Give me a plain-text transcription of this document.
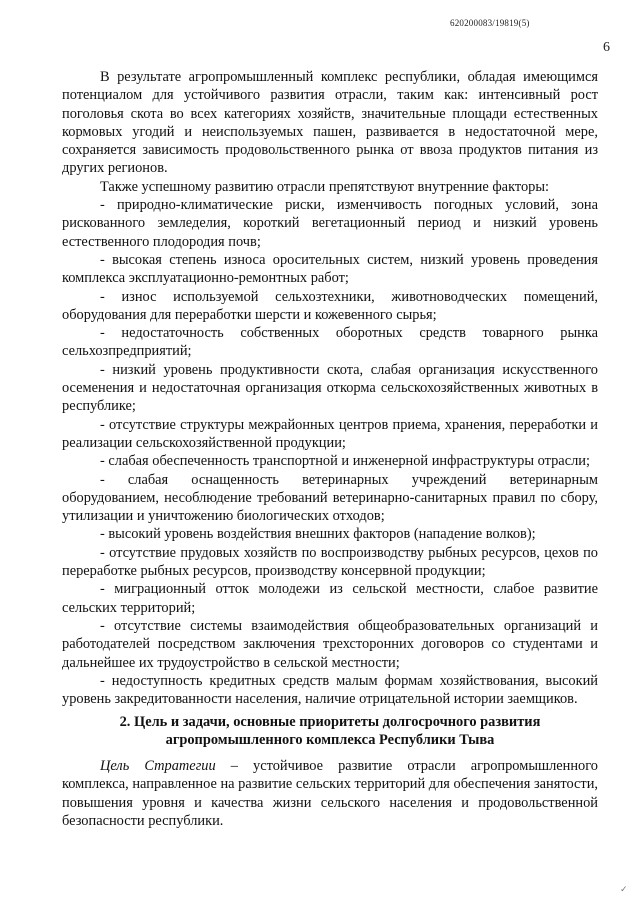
620200083/19819(5)
6

В результате агропромышленный комплекс республики, обладая имеющимся потенциалом для устойчивого развития отрасли, таким как: интенсивный рост поголовья скота во всех категориях хозяйств, значительные площади естественных кормовых угодий и неиспользуемых пашен, развивается в недостаточной мере, сохраняется зависимость продовольственного рынка от ввоза продуктов питания из других регионов.

Также успешному развитию отрасли препятствуют внутренние факторы:

- природно-климатические риски, изменчивость погодных условий, зона рискованного земледелия, короткий вегетационный период и низкий уровень естественного плодородия почв;

- высокая степень износа оросительных систем, низкий уровень проведения комплекса эксплуатационно-ремонтных работ;

- износ используемой сельхозтехники, животноводческих помещений, оборудования для переработки шерсти и кожевенного сырья;

- недостаточность собственных оборотных средств товарного рынка сельхозпредприятий;

- низкий уровень продуктивности скота, слабая организация искусственного осеменения и недостаточная организация откорма сельскохозяйственных животных в республике;

- отсутствие структуры межрайонных центров приема, хранения, переработки и реализации сельскохозяйственной продукции;

- слабая обеспеченность транспортной и инженерной инфраструктуры отрасли;

- слабая оснащенность ветеринарных учреждений ветеринарным оборудованием, несоблюдение требований ветеринарно-санитарных правил по сбору, утилизации и уничтожению биологических отходов;

- высокий уровень воздействия внешних факторов (нападение волков);

- отсутствие прудовых хозяйств по воспроизводству рыбных ресурсов, цехов по переработке рыбных ресурсов, производству консервной продукции;

- миграционный отток молодежи из сельской местности, слабое развитие сельских территорий;

- отсутствие системы взаимодействия общеобразовательных организаций и работодателей посредством заключения трехсторонних договоров со студентами и дальнейшее их трудоустройство в сельской местности;

- недоступность кредитных средств малым формам хозяйствования, высокий уровень закредитованности населения, наличие отрицательной истории заемщиков.

2. Цель и задачи, основные приоритеты долгосрочного развития
агропромышленного комплекса Республики Тыва

Цель Стратегии – устойчивое развитие отрасли агропромышленного комплекса, направленное на развитие сельских территорий для обеспечения занятости, повышения уровня и качества жизни сельского населения и продовольственной безопасности республики.

✓
